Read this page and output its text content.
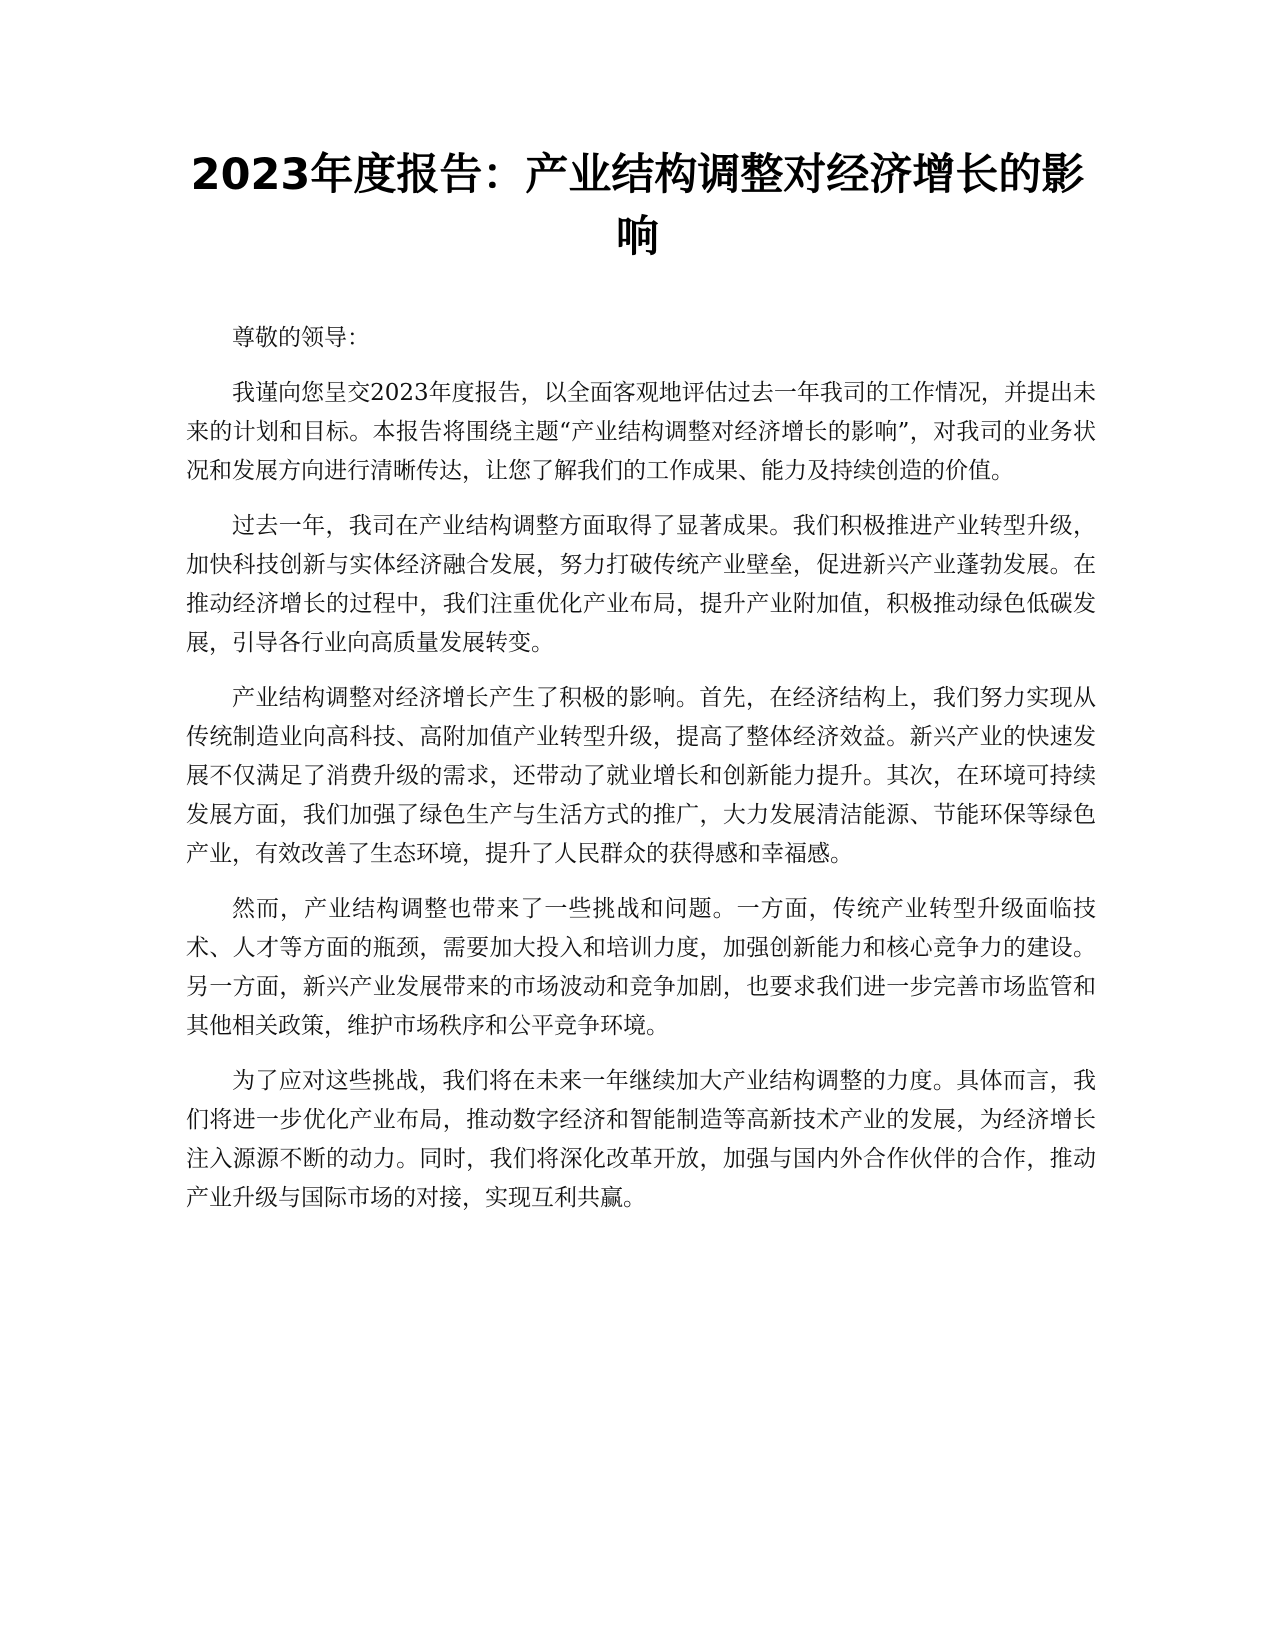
2023年度报告：产业结构调整对经济增长的影响

尊敬的领导：

我谨向您呈交2023年度报告，以全面客观地评估过去一年我司的工作情况，并提出未来的计划和目标。本报告将围绕主题“产业结构调整对经济增长的影响”，对我司的业务状况和发展方向进行清晰传达，让您了解我们的工作成果、能力及持续创造的价值。

过去一年，我司在产业结构调整方面取得了显著成果。我们积极推进产业转型升级，加快科技创新与实体经济融合发展，努力打破传统产业壁垒，促进新兴产业蓬勃发展。在推动经济增长的过程中，我们注重优化产业布局，提升产业附加值，积极推动绿色低碳发展，引导各行业向高质量发展转变。

产业结构调整对经济增长产生了积极的影响。首先，在经济结构上，我们努力实现从传统制造业向高科技、高附加值产业转型升级，提高了整体经济效益。新兴产业的快速发展不仅满足了消费升级的需求，还带动了就业增长和创新能力提升。其次，在环境可持续发展方面，我们加强了绿色生产与生活方式的推广，大力发展清洁能源、节能环保等绿色产业，有效改善了生态环境，提升了人民群众的获得感和幸福感。

然而，产业结构调整也带来了一些挑战和问题。一方面，传统产业转型升级面临技术、人才等方面的瓶颈，需要加大投入和培训力度，加强创新能力和核心竞争力的建设。另一方面，新兴产业发展带来的市场波动和竞争加剧，也要求我们进一步完善市场监管和其他相关政策，维护市场秩序和公平竞争环境。

为了应对这些挑战，我们将在未来一年继续加大产业结构调整的力度。具体而言，我们将进一步优化产业布局，推动数字经济和智能制造等高新技术产业的发展，为经济增长注入源源不断的动力。同时，我们将深化改革开放，加强与国内外合作伙伴的合作，推动产业升级与国际市场的对接，实现互利共赢。
